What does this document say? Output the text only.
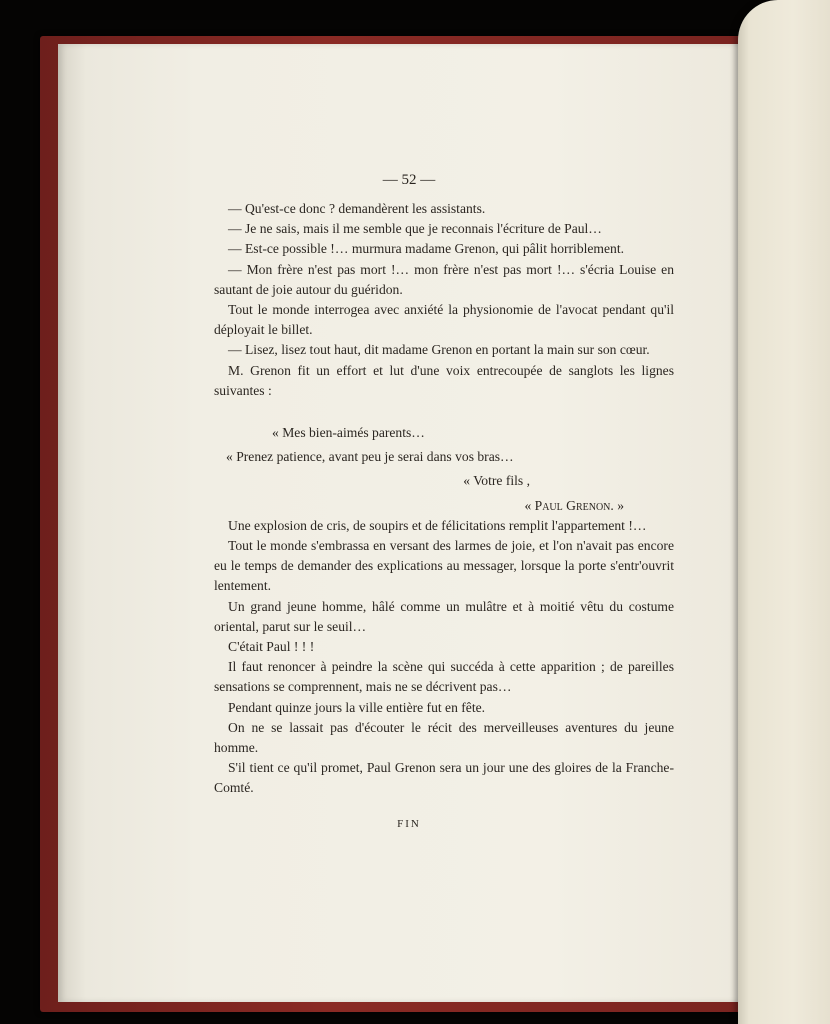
— 52 —

— Qu'est-ce donc ? demandèrent les assistants.

— Je ne sais, mais il me semble que je reconnais l'écriture de Paul…

— Est-ce possible !… murmura madame Grenon, qui pâlit horriblement.

— Mon frère n'est pas mort !… mon frère n'est pas mort !… s'écria Louise en sautant de joie autour du guéridon.

Tout le monde interrogea avec anxiété la physionomie de l'avocat pendant qu'il déployait le billet.

— Lisez, lisez tout haut, dit madame Grenon en portant la main sur son cœur.

M. Grenon fit un effort et lut d'une voix entrecoupée de sanglots les lignes suivantes :

« Mes bien-aimés parents…
« Prenez patience, avant peu je serai dans vos bras…
« Votre fils ,
« Paul Grenon. »

Une explosion de cris, de soupirs et de félicitations remplit l'appartement !…

Tout le monde s'embrassa en versant des larmes de joie, et l'on n'avait pas encore eu le temps de demander des explications au messager, lorsque la porte s'entr'ouvrit lentement.

Un grand jeune homme, hâlé comme un mulâtre et à moitié vêtu du costume oriental, parut sur le seuil…

C'était Paul ! ! !

Il faut renoncer à peindre la scène qui succéda à cette apparition ; de pareilles sensations se comprennent, mais ne se décrivent pas…

Pendant quinze jours la ville entière fut en fête.

On ne se lassait pas d'écouter le récit des merveilleuses aventures du jeune homme.

S'il tient ce qu'il promet, Paul Grenon sera un jour une des gloires de la Franche-Comté.

FIN
